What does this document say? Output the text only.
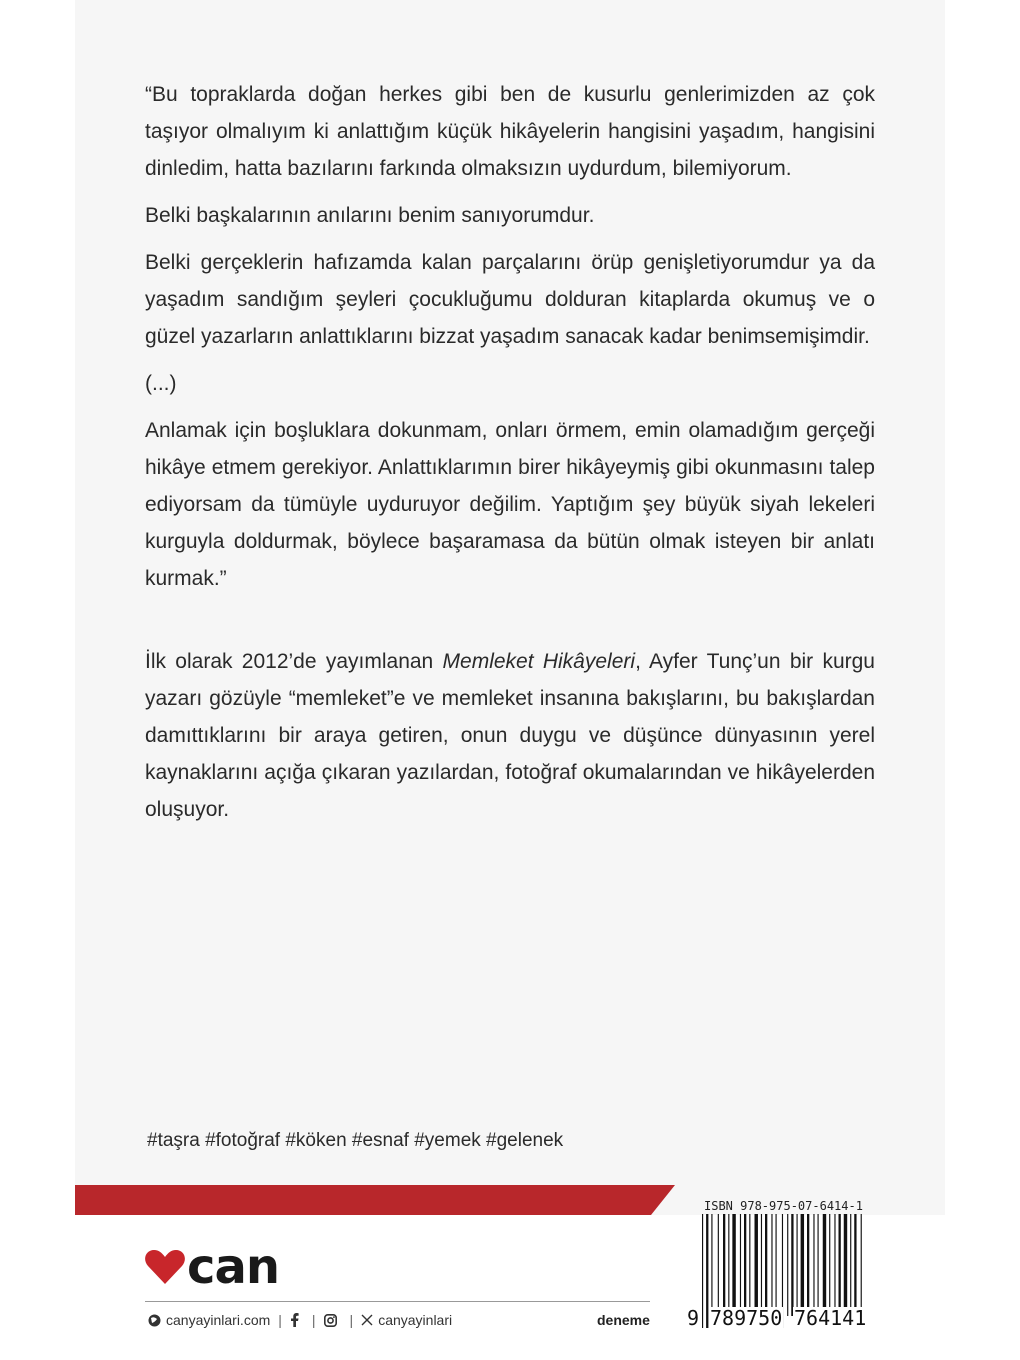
“Bu topraklarda doğan herkes gibi ben de kusurlu genlerimizden az çok taşıyor olmalıyım ki anlattığım küçük hikâyelerin hangisini yaşadım, hangisini dinledim, hatta bazılarını farkında olmaksızın uydurdum, bilemiyorum.

Belki başkalarının anılarını benim sanıyorumdur.

Belki gerçeklerin hafızamda kalan parçalarını örüp genişletiyorumdur ya da yaşadım sandığım şeyleri çocukluğumu dolduran kitaplarda okumuş ve o güzel yazarların anlattıklarını bizzat yaşadım sanacak kadar benimsemişimdir.

(...)

Anlamak için boşluklara dokunmam, onları örmem, emin olamadığım gerçeği hikâye etmem gerekiyor. Anlattıklarımın birer hikâyeymiş gibi okunmasını talep ediyorsam da tümüyle uyduruyor değilim. Yaptığım şey büyük siyah lekeleri kurguyla doldurmak, böylece başaramasa da bütün olmak isteyen bir anlatı kurmak.”

İlk olarak 2012’de yayımlanan Memleket Hikâyeleri, Ayfer Tunç’un bir kurgu yazarı gözüyle “memleket”e ve memleket insanına bakışlarını, bu bakışlardan damıttıklarını bir araya getiren, onun duygu ve düşünce dünyasının yerel kaynaklarını açığa çıkaran yazılardan, fotoğraf okumalarından ve hikâyelerden oluşuyor.

#taşra #fotoğraf #köken #esnaf #yemek #gelenek
can
canyayinlari.com | | | canyayinlari	deneme
ISBN 978-975-07-6414-1
9 789750 764141
